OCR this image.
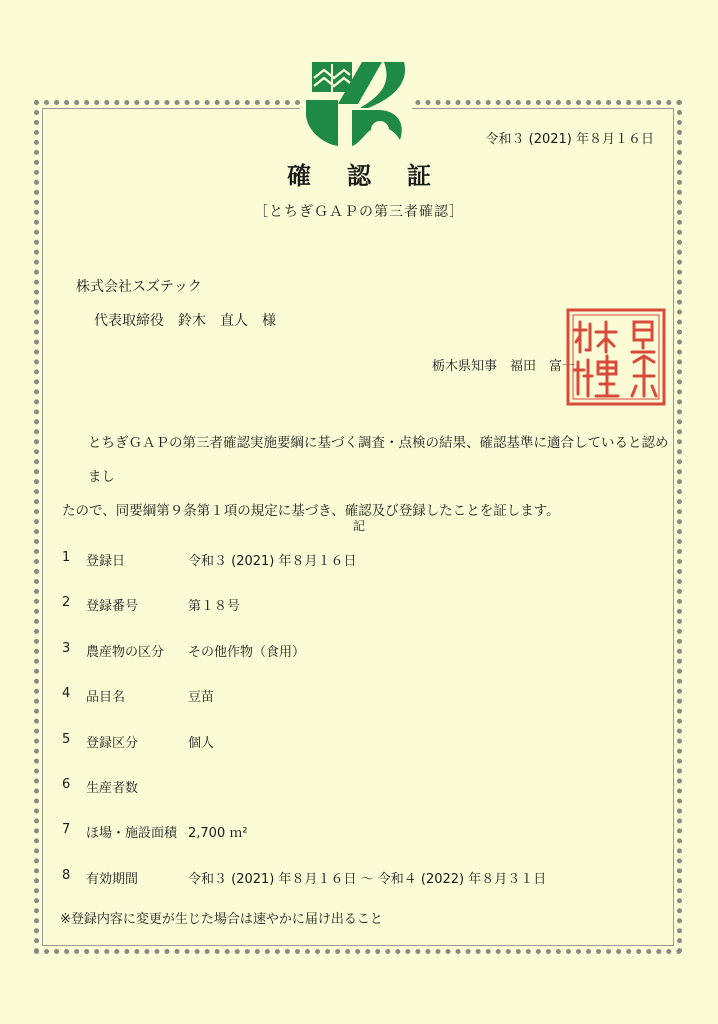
令和３ (2021) 年８月１６日
確認証
［とちぎＧＡＰの第三者確認］
株式会社スズテック
代表取締役　鈴木　直人　様
栃木県知事　福田　富一
とちぎＧＡＰの第三者確認実施要綱に基づく調査・点検の結果、確認基準に適合していると認めまし
たので、同要綱第９条第１項の規定に基づき、確認及び登録したことを証します。
記
1 登録日	令和３ (2021) 年８月１６日
2 登録番号	第１８号
3 農産物の区分 その他作物（食用）
4 品目名	豆苗
5 登録区分	個人
6 生産者数
7 ほ場・施設面積 2,700 ｍ²
8 有効期間	令和３ (2021) 年８月１６日 ～ 令和４ (2022) 年８月３１日
※登録内容に変更が生じた場合は速やかに届け出ること
